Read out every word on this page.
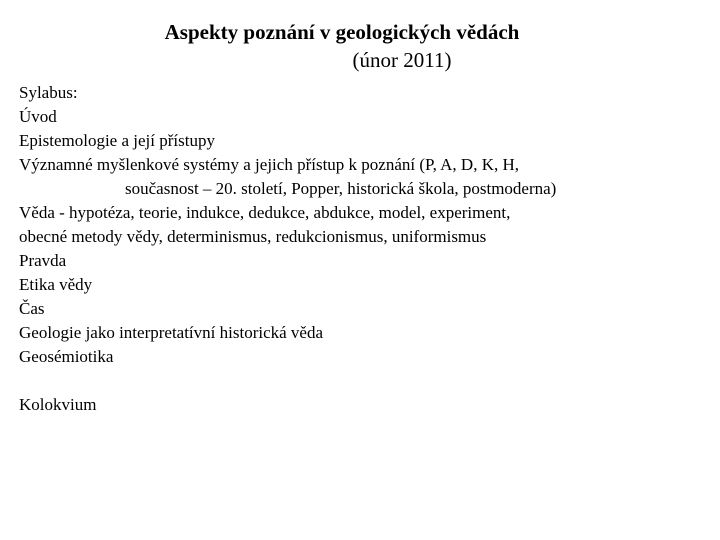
Aspekty poznání v geologických vědách
(únor 2011)
Sylabus:
Úvod
Epistemologie a její přístupy
Významné myšlenkové systémy a jejich přístup k poznání (P, A, D, K, H,
současnost – 20. století, Popper, historická škola, postmoderna)
Věda - hypotéza, teorie, indukce, dedukce, abdukce, model, experiment,
obecné metody vědy, determinismus, redukcionismus, uniformismus
Pravda
Etika vědy
Čas
Geologie jako interpretatívní historická věda
Geosémiotika
Kolokvium
